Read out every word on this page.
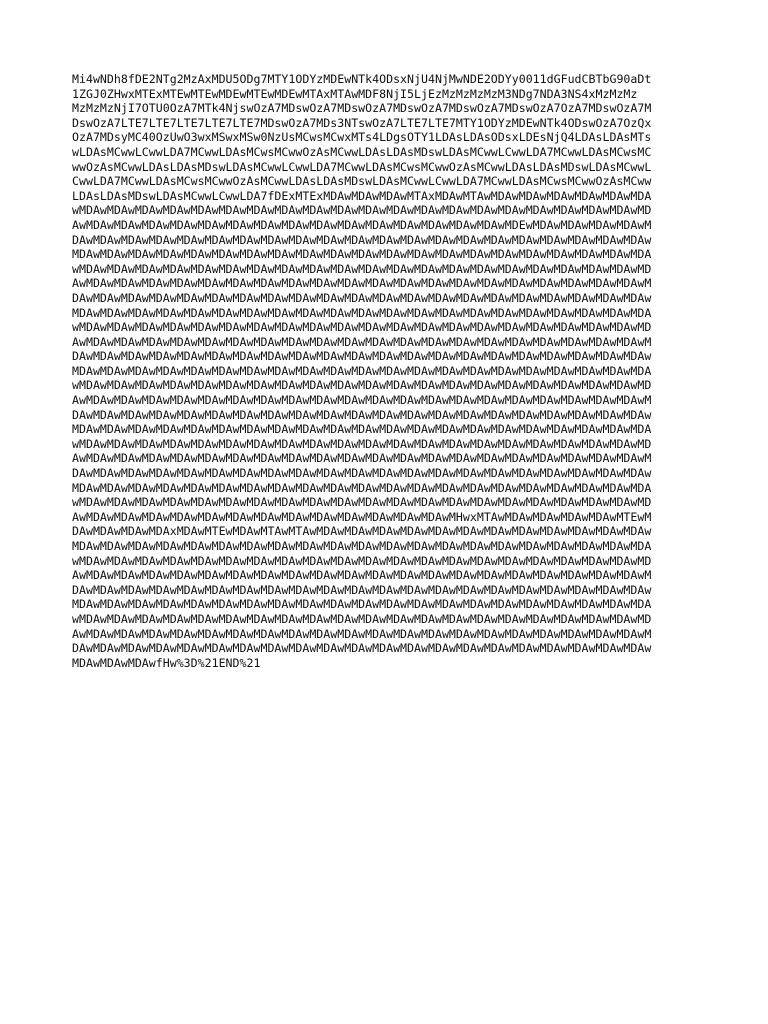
Mi4wNDh8fDE2NTg2MzAxMDU5ODg7MTY1ODYzMDEwNTk4ODsxNjU4NjMwNDE2ODYy0011dGFudCBTbG90aDt
1ZGJ0ZHwxMTExMTEwMTEwMDEwMTEwMDEwMTAxMTAwMDF8NjI5LjEzMzMzMzMzM3NDg7NDA3NS4xMzMzMz
MzMzMzNjI7OTU0OzA7MTk4NjswOzA7MDswOzA7MDswOzA7MDswOzA7MDswOzA7MDswOzA7OzA7MDswOzA7M
DswOzA7LTE7LTE7LTE7LTE7LTE7MDswOzA7MDs3NTswOzA7LTE7LTE7MTY1ODYzMDEwNTk4ODswOzA7OzQx
OzA7MDsyMC40OzUwO3wxMSwxMSw0NzUsMCwsMCwxMTs4LDgsOTY1LDAsLDAsODsxLDEsNjQ4LDAsLDAsMTs
wLDAsMCwwLCwwLDA7MCwwLDAsMCwsMCwwOzAsMCwwLDAsLDAsMDswLDAsMCwwLCwwLDA7MCwwLDAsMCwsMC
wwOzAsMCwwLDAsLDAsMDswLDAsMCwwLCwwLDA7MCwwLDAsMCwsMCwwOzAsMCwwLDAsLDAsMDswLDAsMCwwL
CwwLDA7MCwwLDAsMCwsMCwwOzAsMCwwLDAsLDAsMDswLDAsMCwwLCwwLDA7MCwwLDAsMCwsMCwwOzAsMCww
LDAsLDAsMDswLDAsMCwwLCwwLDA7fDExMTExMDAwMDAwMDAwMTAxMDAwMTAwMDAwMDAwMDAwMDAwMDAwMDA
wMDAwMDAwMDAwMDAwMDAwMDAwMDAwMDAwMDAwMDAwMDAwMDAwMDAwMDAwMDAwMDAwMDAwMDAwMDAwMDAwMD
AwMDAwMDAwMDAwMDAwMDAwMDAwMDAwMDAwMDAwMDAwMDAwMDAwMDAwMDAwMDAwMDEwMDAwMDAwMDAwMDAwM
DAwMDAwMDAwMDAwMDAwMDAwMDAwMDAwMDAwMDAwMDAwMDAwMDAwMDAwMDAwMDAwMDAwMDAwMDAwMDAwMDAw
MDAwMDAwMDAwMDAwMDAwMDAwMDAwMDAwMDAwMDAwMDAwMDAwMDAwMDAwMDAwMDAwMDAwMDAwMDAwMDAwMDA
wMDAwMDAwMDAwMDAwMDAwMDAwMDAwMDAwMDAwMDAwMDAwMDAwMDAwMDAwMDAwMDAwMDAwMDAwMDAwMDAwMD
AwMDAwMDAwMDAwMDAwMDAwMDAwMDAwMDAwMDAwMDAwMDAwMDAwMDAwMDAwMDAwMDAwMDAwMDAwMDAwMDAwM
DAwMDAwMDAwMDAwMDAwMDAwMDAwMDAwMDAwMDAwMDAwMDAwMDAwMDAwMDAwMDAwMDAwMDAwMDAwMDAwMDAw
MDAwMDAwMDAwMDAwMDAwMDAwMDAwMDAwMDAwMDAwMDAwMDAwMDAwMDAwMDAwMDAwMDAwMDAwMDAwMDAwMDA
wMDAwMDAwMDAwMDAwMDAwMDAwMDAwMDAwMDAwMDAwMDAwMDAwMDAwMDAwMDAwMDAwMDAwMDAwMDAwMDAwMD
AwMDAwMDAwMDAwMDAwMDAwMDAwMDAwMDAwMDAwMDAwMDAwMDAwMDAwMDAwMDAwMDAwMDAwMDAwMDAwMDAwM
DAwMDAwMDAwMDAwMDAwMDAwMDAwMDAwMDAwMDAwMDAwMDAwMDAwMDAwMDAwMDAwMDAwMDAwMDAwMDAwMDAw
MDAwMDAwMDAwMDAwMDAwMDAwMDAwMDAwMDAwMDAwMDAwMDAwMDAwMDAwMDAwMDAwMDAwMDAwMDAwMDAwMDA
wMDAwMDAwMDAwMDAwMDAwMDAwMDAwMDAwMDAwMDAwMDAwMDAwMDAwMDAwMDAwMDAwMDAwMDAwMDAwMDAwMD
AwMDAwMDAwMDAwMDAwMDAwMDAwMDAwMDAwMDAwMDAwMDAwMDAwMDAwMDAwMDAwMDAwMDAwMDAwMDAwMDAwM
DAwMDAwMDAwMDAwMDAwMDAwMDAwMDAwMDAwMDAwMDAwMDAwMDAwMDAwMDAwMDAwMDAwMDAwMDAwMDAwMDAw
MDAwMDAwMDAwMDAwMDAwMDAwMDAwMDAwMDAwMDAwMDAwMDAwMDAwMDAwMDAwMDAwMDAwMDAwMDAwMDAwMDA
wMDAwMDAwMDAwMDAwMDAwMDAwMDAwMDAwMDAwMDAwMDAwMDAwMDAwMDAwMDAwMDAwMDAwMDAwMDAwMDAwMD
AwMDAwMDAwMDAwMDAwMDAwMDAwMDAwMDAwMDAwMDAwMDAwMDAwMDAwMDAwMDAwMDAwMDAwMDAwMDAwMDAwM
DAwMDAwMDAwMDAwMDAwMDAwMDAwMDAwMDAwMDAwMDAwMDAwMDAwMDAwMDAwMDAwMDAwMDAwMDAwMDAwMDAw
MDAwMDAwMDAwMDAwMDAwMDAwMDAwMDAwMDAwMDAwMDAwMDAwMDAwMDAwMDAwMDAwMDAwMDAwMDAwMDAwMDA
wMDAwMDAwMDAwMDAwMDAwMDAwMDAwMDAwMDAwMDAwMDAwMDAwMDAwMDAwMDAwMDAwMDAwMDAwMDAwMDAwMD
AwMDAwMDAwMDAwMDAwMDAwMDAwMDAwMDAwMDAwMDAwMDAwMDAwMDAwMHwxMTAwMDAwMDAwMDAwMDAwMTEwM
DAwMDAwMDAwMDAxMDAwMTEwMDAwMTAwMTAwMDAwMDAwMDAwMDAwMDAwMDAwMDAwMDAwMDAwMDAwMDAwMDAw
MDAwMDAwMDAwMDAwMDAwMDAwMDAwMDAwMDAwMDAwMDAwMDAwMDAwMDAwMDAwMDAwMDAwMDAwMDAwMDAwMDA
wMDAwMDAwMDAwMDAwMDAwMDAwMDAwMDAwMDAwMDAwMDAwMDAwMDAwMDAwMDAwMDAwMDAwMDAwMDAwMDAwMD
AwMDAwMDAwMDAwMDAwMDAwMDAwMDAwMDAwMDAwMDAwMDAwMDAwMDAwMDAwMDAwMDAwMDAwMDAwMDAwMDAwM
DAwMDAwMDAwMDAwMDAwMDAwMDAwMDAwMDAwMDAwMDAwMDAwMDAwMDAwMDAwMDAwMDAwMDAwMDAwMDAwMDAw
MDAwMDAwMDAwMDAwMDAwMDAwMDAwMDAwMDAwMDAwMDAwMDAwMDAwMDAwMDAwMDAwMDAwMDAwMDAwMDAwMDA
wMDAwMDAwMDAwMDAwMDAwMDAwMDAwMDAwMDAwMDAwMDAwMDAwMDAwMDAwMDAwMDAwMDAwMDAwMDAwMDAwMD
AwMDAwMDAwMDAwMDAwMDAwMDAwMDAwMDAwMDAwMDAwMDAwMDAwMDAwMDAwMDAwMDAwMDAwMDAwMDAwMDAwM
DAwMDAwMDAwMDAwMDAwMDAwMDAwMDAwMDAwMDAwMDAwMDAwMDAwMDAwMDAwMDAwMDAwMDAwMDAwMDAwMDAw
MDAwMDAwMDAwfHw%3D%21END%21
